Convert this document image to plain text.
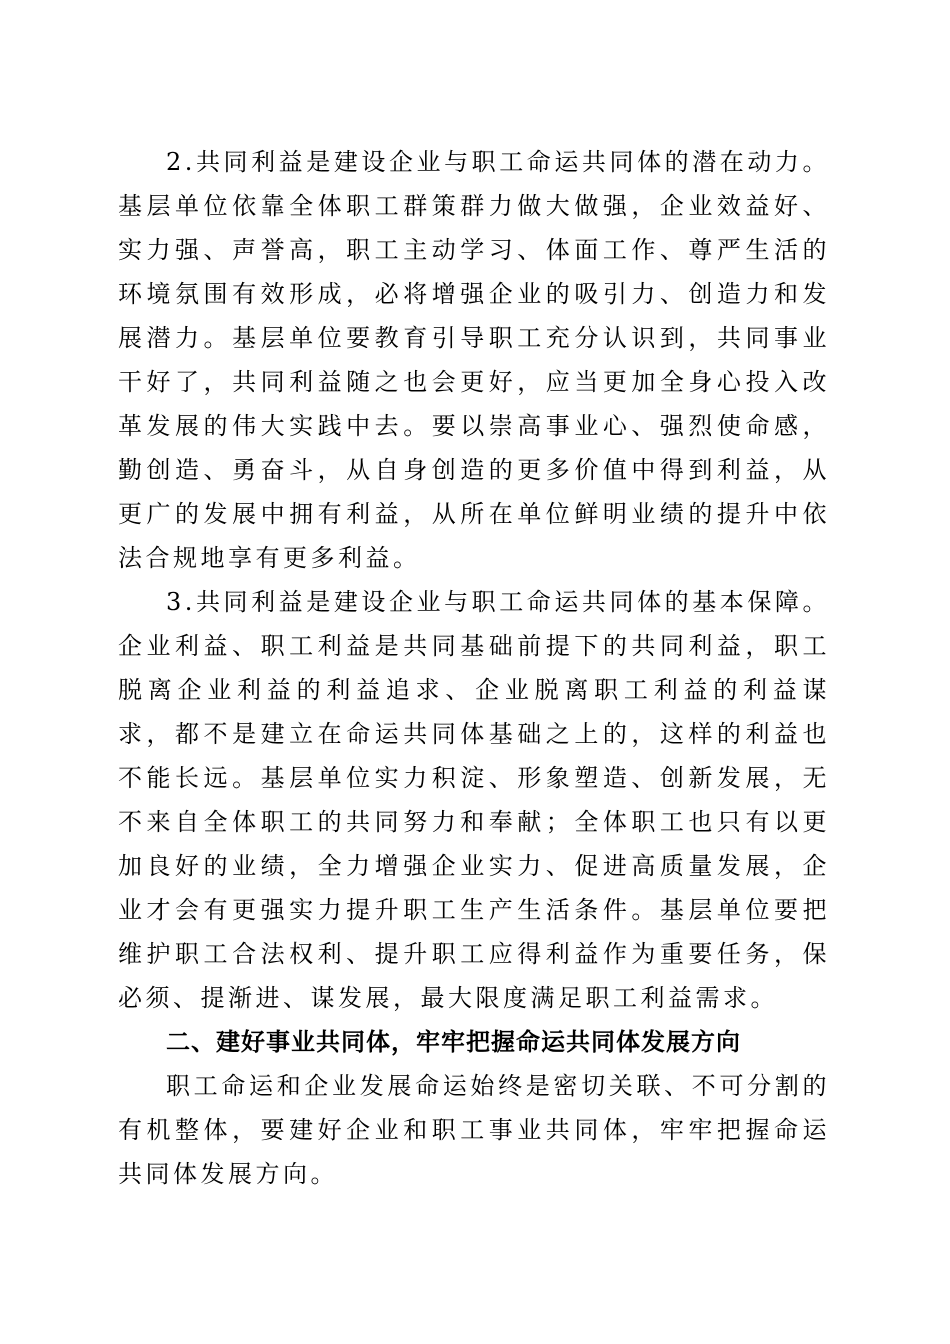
2.共同利益是建设企业与职工命运共同体的潜在动力。基层单位依靠全体职工群策群力做大做强，企业效益好、实力强、声誉高，职工主动学习、体面工作、尊严生活的环境氛围有效形成，必将增强企业的吸引力、创造力和发展潜力。基层单位要教育引导职工充分认识到，共同事业干好了，共同利益随之也会更好，应当更加全身心投入改革发展的伟大实践中去。要以崇高事业心、强烈使命感，勤创造、勇奋斗，从自身创造的更多价值中得到利益，从更广的发展中拥有利益，从所在单位鲜明业绩的提升中依法合规地享有更多利益。

3.共同利益是建设企业与职工命运共同体的基本保障。企业利益、职工利益是共同基础前提下的共同利益，职工脱离企业利益的利益追求、企业脱离职工利益的利益谋求，都不是建立在命运共同体基础之上的，这样的利益也不能长远。基层单位实力积淀、形象塑造、创新发展，无不来自全体职工的共同努力和奉献；全体职工也只有以更加良好的业绩，全力增强企业实力、促进高质量发展，企业才会有更强实力提升职工生产生活条件。基层单位要把维护职工合法权利、提升职工应得利益作为重要任务，保必须、提渐进、谋发展，最大限度满足职工利益需求。

二、建好事业共同体，牢牢把握命运共同体发展方向

职工命运和企业发展命运始终是密切关联、不可分割的有机整体，要建好企业和职工事业共同体，牢牢把握命运共同体发展方向。
